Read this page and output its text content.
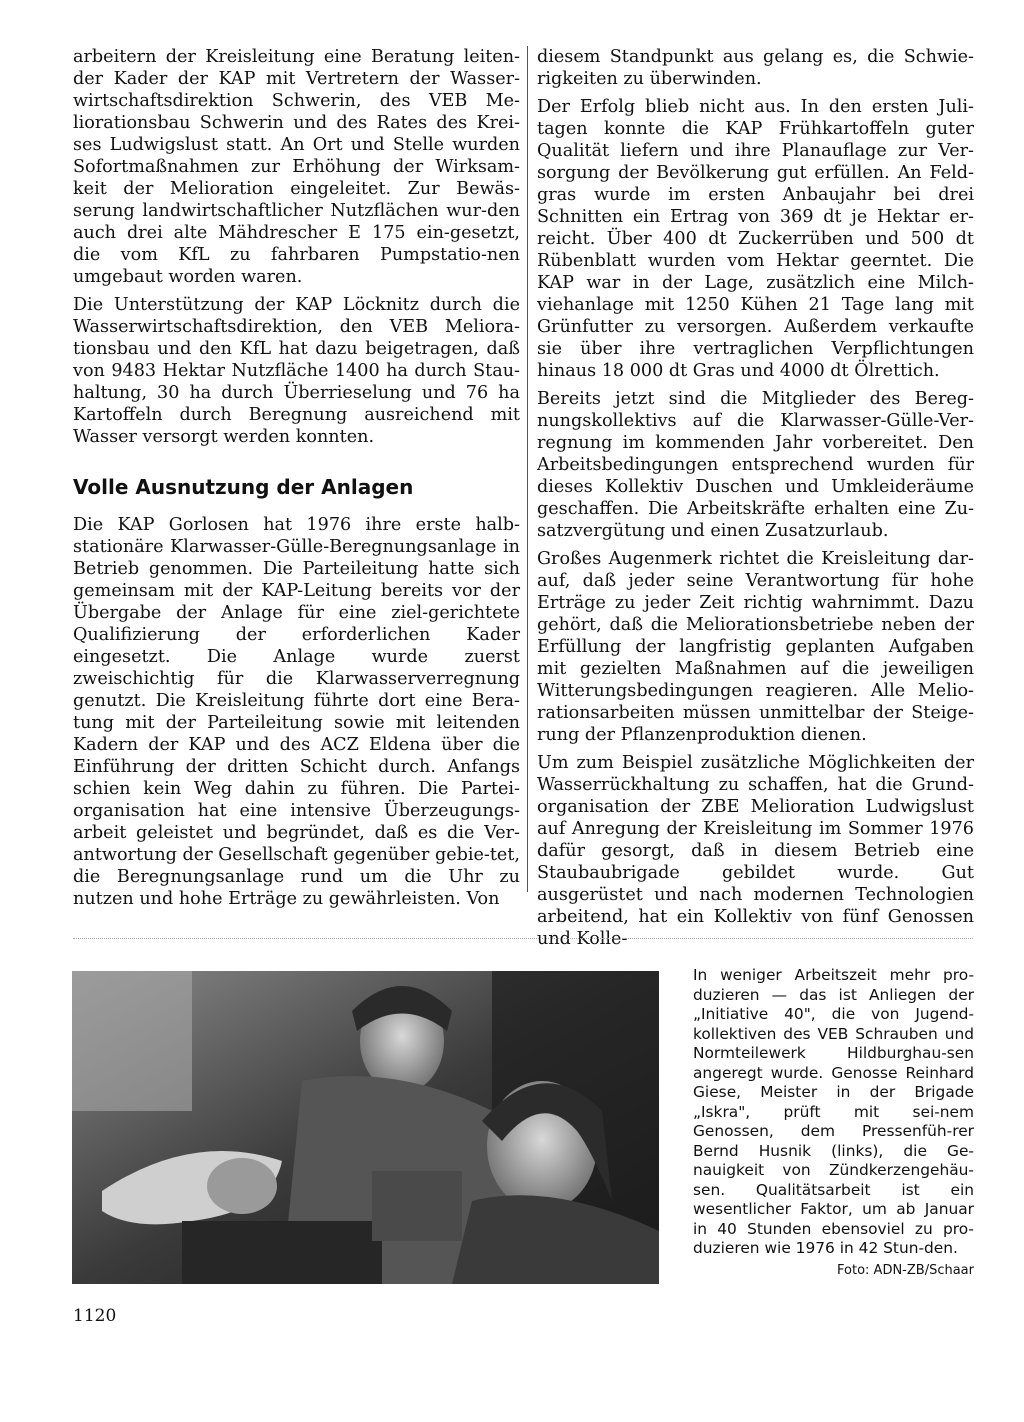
arbeitern der Kreisleitung eine Beratung leiten-der Kader der KAP mit Vertretern der Wasser-wirtschaftsdirektion Schwerin, des VEB Me-liorationsbau Schwerin und des Rates des Krei-ses Ludwigslust statt. An Ort und Stelle wurden Sofortmaßnahmen zur Erhöhung der Wirksam-keit der Melioration eingeleitet. Zur Bewäs-serung landwirtschaftlicher Nutzflächen wur-den auch drei alte Mähdrescher E 175 ein-gesetzt, die vom KfL zu fahrbaren Pumpstatio-nen umgebaut worden waren.

Die Unterstützung der KAP Löcknitz durch die Wasserwirtschaftsdirektion, den VEB Meliora-tionsbau und den KfL hat dazu beigetragen, daß von 9483 Hektar Nutzfläche 1400 ha durch Stau-haltung, 30 ha durch Überrieselung und 76 ha Kartoffeln durch Beregnung ausreichend mit Wasser versorgt werden konnten.

Volle Ausnutzung der Anlagen

Die KAP Gorlosen hat 1976 ihre erste halb-stationäre Klarwasser-Gülle-Beregnungsanlage in Betrieb genommen. Die Parteileitung hatte sich gemeinsam mit der KAP-Leitung bereits vor der Übergabe der Anlage für eine ziel-gerichtete Qualifizierung der erforderlichen Kader eingesetzt. Die Anlage wurde zuerst zweischichtig für die Klarwasserverregnung genutzt. Die Kreisleitung führte dort eine Bera-tung mit der Parteileitung sowie mit leitenden Kadern der KAP und des ACZ Eldena über die Einführung der dritten Schicht durch. Anfangs schien kein Weg dahin zu führen. Die Partei-organisation hat eine intensive Überzeugungs-arbeit geleistet und begründet, daß es die Ver-antwortung der Gesellschaft gegenüber gebie-tet, die Beregnungsanlage rund um die Uhr zu nutzen und hohe Erträge zu gewährleisten. Von

diesem Standpunkt aus gelang es, die Schwie-rigkeiten zu überwinden.

Der Erfolg blieb nicht aus. In den ersten Juli-tagen konnte die KAP Frühkartoffeln guter Qualität liefern und ihre Planauflage zur Ver-sorgung der Bevölkerung gut erfüllen. An Feld-gras wurde im ersten Anbaujahr bei drei Schnitten ein Ertrag von 369 dt je Hektar er-reicht. Über 400 dt Zuckerrüben und 500 dt Rübenblatt wurden vom Hektar geerntet. Die KAP war in der Lage, zusätzlich eine Milch-viehanlage mit 1250 Kühen 21 Tage lang mit Grünfutter zu versorgen. Außerdem verkaufte sie über ihre vertraglichen Verpflichtungen hinaus 18 000 dt Gras und 4000 dt Ölrettich.

Bereits jetzt sind die Mitglieder des Bereg-nungskollektivs auf die Klarwasser-Gülle-Ver-regnung im kommenden Jahr vorbereitet. Den Arbeitsbedingungen entsprechend wurden für dieses Kollektiv Duschen und Umkleideräume geschaffen. Die Arbeitskräfte erhalten eine Zu-satzvergütung und einen Zusatzurlaub.

Großes Augenmerk richtet die Kreisleitung dar-auf, daß jeder seine Verantwortung für hohe Erträge zu jeder Zeit richtig wahrnimmt. Dazu gehört, daß die Meliorationsbetriebe neben der Erfüllung der langfristig geplanten Aufgaben mit gezielten Maßnahmen auf die jeweiligen Witterungsbedingungen reagieren. Alle Melio-rationsarbeiten müssen unmittelbar der Steige-rung der Pflanzenproduktion dienen.

Um zum Beispiel zusätzliche Möglichkeiten der Wasserrückhaltung zu schaffen, hat die Grund-organisation der ZBE Melioration Ludwigslust auf Anregung der Kreisleitung im Sommer 1976 dafür gesorgt, daß in diesem Betrieb eine Staubaubrigade gebildet wurde. Gut ausgerüstet und nach modernen Technologien arbeitend, hat ein Kollektiv von fünf Genossen und Kolle-

In weniger Arbeitszeit mehr pro-duzieren — das ist Anliegen der „Initiative 40", die von Jugend-kollektiven des VEB Schrauben und Normteilewerk Hildburghau-sen angeregt wurde. Genosse Reinhard Giese, Meister in der Brigade „Iskra", prüft mit sei-nem Genossen, dem Pressenfüh-rer Bernd Husnik (links), die Ge-nauigkeit von Zündkerzengehäu-sen. Qualitätsarbeit ist ein wesentlicher Faktor, um ab Januar in 40 Stunden ebensoviel zu pro-duzieren wie 1976 in 42 Stun-den.
Foto: ADN-ZB/Schaar
1120
